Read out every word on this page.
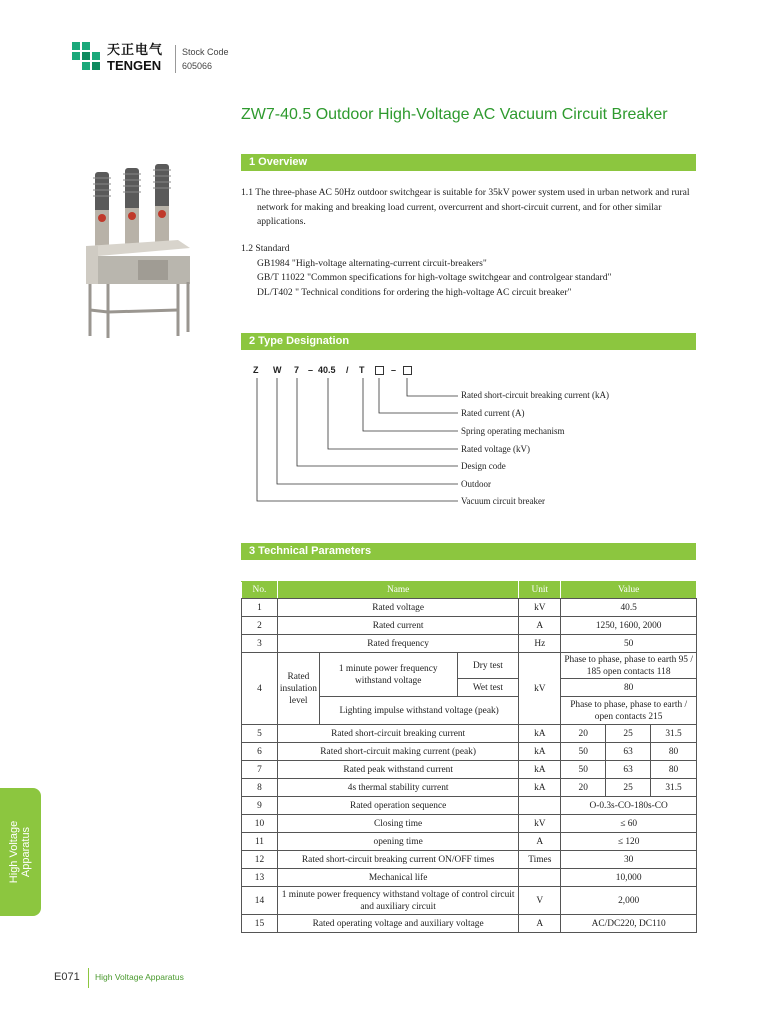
天正电气
TENGEN
Stock Code
605066
ZW7-40.5 Outdoor High-Voltage AC Vacuum Circuit Breaker
1 Overview
1.1 The three-phase AC 50Hz outdoor switchgear is suitable for 35kV power system used in urban network and rural network for making and breaking load current, overcurrent and short-circuit current, and for other similar applications.
1.2 Standard
GB1984 "High-voltage alternating-current circuit-breakers"
GB/T 11022 "Common specifications for high-voltage switchgear and controlgear standard"
DL/T402 " Technical conditions for ordering the high-voltage AC circuit breaker"
2 Type Designation
Z W 7 – 40.5 / T	–
Rated short-circuit breaking current (kA)
Rated current (A)
Spring operating mechanism
Rated voltage (kV)
Design code
Outdoor
Vacuum circuit breaker
3 Technical Parameters
No.	Name			Unit	Value		
1	Rated voltage			kV	40.5		
2	Rated current			A	1250, 1600, 2000		
3	Rated frequency			Hz	50		
4	Rated insulation level	1 minute power frequency withstand voltage	Dry test	kV	Phase to phase, phase to earth 95 / 185 open contacts 118		
			Wet test		80		
		Lighting impulse withstand voltage (peak)			Phase to phase, phase to earth / open contacts 215		
5	Rated short-circuit breaking current			kA	20	25	31.5
6	Rated short-circuit making current (peak)			kA	50	63	80
7	Rated peak withstand current			kA	50	63	80
8	4s thermal stability current			kA	20	25	31.5
9	Rated operation sequence				O-0.3s-CO-180s-CO		
10	Closing time			kV	≤ 60		
11	opening time			A	≤ 120		
12	Rated short-circuit breaking current ON/OFF times			Times	30		
13	Mechanical life				10,000		
14	1 minute power frequency withstand voltage of control circuit and auxiliary circuit			V	2,000		
15	Rated operating voltage and auxiliary voltage			A	AC/DC220, DC110		
High Voltage Apparatus
E071 High Voltage Apparatus
